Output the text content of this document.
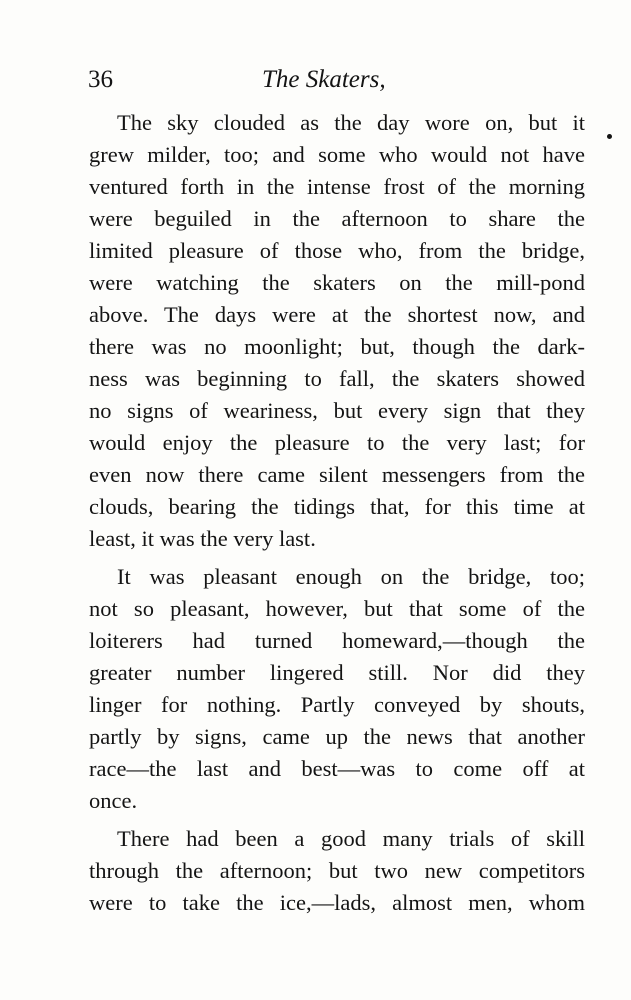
36	The Skaters,
The sky clouded as the day wore on, but it
grew milder, too; and some who would not have
ventured forth in the intense frost of the morning
were beguiled in the afternoon to share the
limited pleasure of those who, from the bridge,
were watching the skaters on the mill-pond
above. The days were at the shortest now, and
there was no moonlight; but, though the dark-
ness was beginning to fall, the skaters showed
no signs of weariness, but every sign that they
would enjoy the pleasure to the very last; for
even now there came silent messengers from the
clouds, bearing the tidings that, for this time at
least, it was the very last.
It was pleasant enough on the bridge, too;
not so pleasant, however, but that some of the
loiterers had turned homeward,—though the
greater number lingered still. Nor did they
linger for nothing. Partly conveyed by shouts,
partly by signs, came up the news that another
race—the last and best—was to come off at
once.
There had been a good many trials of skill
through the afternoon; but two new competitors
were to take the ice,—lads, almost men, whom
